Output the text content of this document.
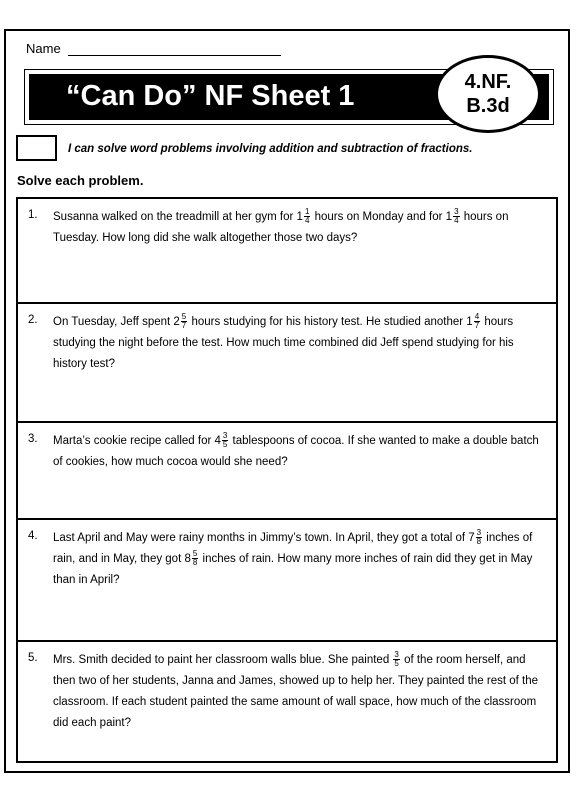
Name
“Can Do” NF Sheet 1	4.NF.
B.3d
I can solve word problems involving addition and subtraction of fractions.
Solve each problem.
1. Susanna walked on the treadmill at her gym for $1 \frac{1}{4}$ hours on Monday and for $1 \frac{3}{4}$ hours on Tuesday. How long did she walk altogether those two days?
2. On Tuesday, Jeff spent $2 \frac{5}{7}$ hours studying for his history test. He studied another $1 \frac{4}{7}$ hours studying the night before the test. How much time combined did Jeff spend studying for his history test?
3. Marta’s cookie recipe called for $4 \frac{3}{5}$ tablespoons of cocoa. If she wanted to make a double batch of cookies, how much cocoa would she need?
4. Last April and May were rainy months in Jimmy’s town. In April, they got a total of $7 \frac{3}{8}$ inches of rain, and in May, they got $8 \frac{5}{8}$ inches of rain. How many more inches of rain did they get in May than in April?
5. Mrs. Smith decided to paint her classroom walls blue. She painted $\frac{3}{5}$ of the room herself, and then two of her students, Janna and James, showed up to help her. They painted the rest of the classroom. If each student painted the same amount of wall space, how much of the classroom did each paint?
